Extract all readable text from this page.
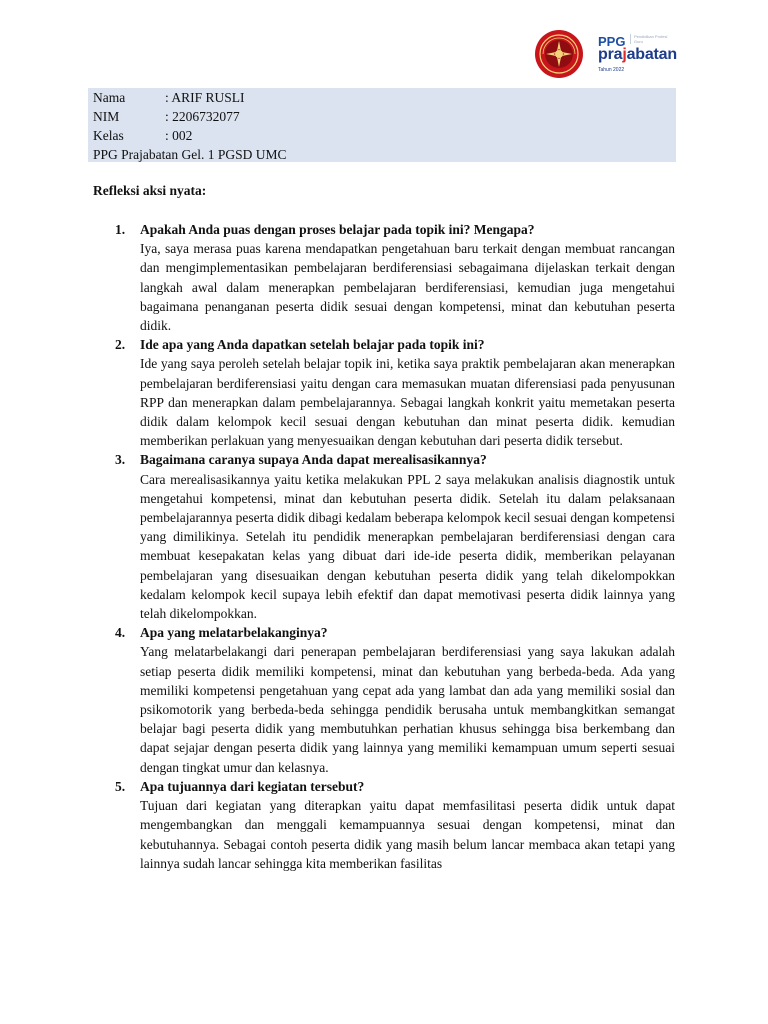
PPG	Pendidikan Profesi Guru
prajabatan
Tahun 2022
Nama	: ARIF RUSLI
NIM	: 2206732077
Kelas	: 002
PPG Prajabatan Gel. 1 PGSD UMC
Refleksi aksi nyata:
1. Apakah Anda puas dengan proses belajar pada topik ini? Mengapa?

Iya, saya merasa puas karena mendapatkan pengetahuan baru terkait dengan membuat rancangan dan mengimplementasikan pembelajaran berdiferensiasi sebagaimana dijelaskan terkait dengan langkah awal dalam menerapkan pembelajaran berdiferensiasi, kemudian juga mengetahui bagaimana penanganan peserta didik sesuai dengan kompetensi, minat dan kebutuhan peserta didik.

2. Ide apa yang Anda dapatkan setelah belajar pada topik ini?

Ide yang saya peroleh setelah belajar topik ini, ketika saya praktik pembelajaran akan menerapkan pembelajaran berdiferensiasi yaitu dengan cara memasukan muatan diferensiasi pada penyusunan RPP dan menerapkan dalam pembelajarannya. Sebagai langkah konkrit yaitu memetakan peserta didik dalam kelompok kecil sesuai dengan kebutuhan dan minat peserta didik. kemudian memberikan perlakuan yang menyesuaikan dengan kebutuhan dari peserta didik tersebut.

3. Bagaimana caranya supaya Anda dapat merealisasikannya?

Cara merealisasikannya yaitu ketika melakukan PPL 2 saya melakukan analisis diagnostik untuk mengetahui kompetensi, minat dan kebutuhan peserta didik. Setelah itu dalam pelaksanaan pembelajarannya peserta didik dibagi kedalam beberapa kelompok kecil sesuai dengan kompetensi yang dimilikinya. Setelah itu pendidik menerapkan pembelajaran berdiferensiasi dengan cara membuat kesepakatan kelas yang dibuat dari ide-ide peserta didik, memberikan pelayanan pembelajaran yang disesuaikan dengan kebutuhan peserta didik yang telah dikelompokkan kedalam kelompok kecil supaya lebih efektif dan dapat memotivasi peserta didik lainnya yang telah dikelompokkan.

4. Apa yang melatarbelakanginya?

Yang melatarbelakangi dari penerapan pembelajaran berdiferensiasi yang saya lakukan adalah setiap peserta didik memiliki kompetensi, minat dan kebutuhan yang berbeda-beda. Ada yang memiliki kompetensi pengetahuan yang cepat ada yang lambat dan ada yang memiliki sosial dan psikomotorik yang berbeda-beda sehingga pendidik berusaha untuk membangkitkan semangat belajar bagi peserta didik yang membutuhkan perhatian khusus sehingga bisa berkembang dan dapat sejajar dengan peserta didik yang lainnya yang memiliki kemampuan umum seperti sesuai dengan tingkat umur dan kelasnya.

5. Apa tujuannya dari kegiatan tersebut?

Tujuan dari kegiatan yang diterapkan yaitu dapat memfasilitasi peserta didik untuk dapat mengembangkan dan menggali kemampuannya sesuai dengan kompetensi, minat dan kebutuhannya. Sebagai contoh peserta didik yang masih belum lancar membaca akan tetapi yang lainnya sudah lancar sehingga kita memberikan fasilitas
